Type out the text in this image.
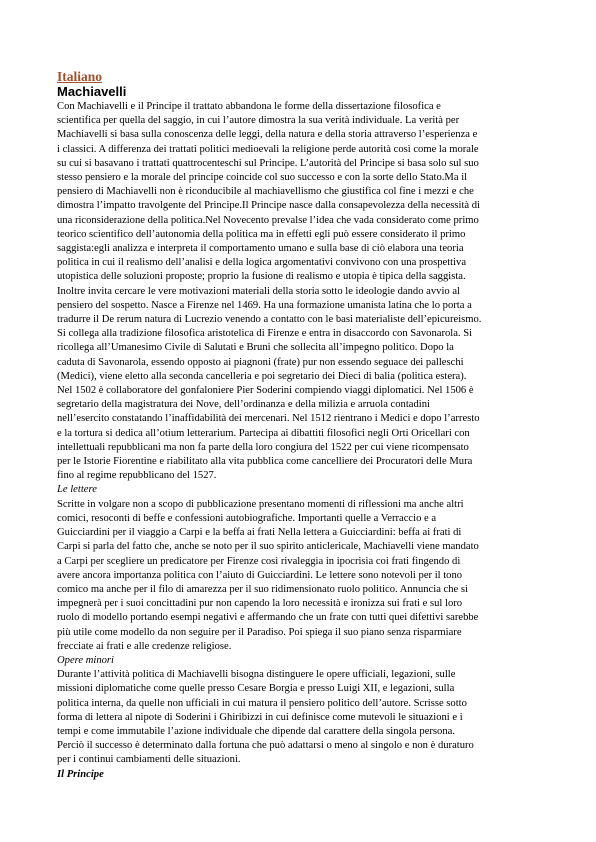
Italiano

Machiavelli

Con Machiavelli e il Principe il trattato abbandona le forme della dissertazione filosofica e
scientifica per quella del saggio, in cui l’autore dimostra la sua verità individuale. La verità per
Machiavelli si basa sulla conoscenza delle leggi, della natura e della storia attraverso l’esperienza e
i classici. A differenza dei trattati politici medioevali la religione perde autorità così come la morale
su cui si basavano i trattati quattrocenteschi sul Principe. L’autorità del Principe si basa solo sul suo
stesso pensiero e la morale del principe coincide col suo successo e con la sorte dello Stato.Ma il
pensiero di Machiavelli non è riconducibile al machiavellismo che giustifica col fine i mezzi e che
dimostra l’impatto travolgente del Principe.Il Principe nasce dalla consapevolezza della necessità di
una riconsiderazione della politica.Nel Novecento prevalse l’idea che vada considerato come primo
teorico scientifico dell’autonomia della politica ma in effetti egli può essere considerato il primo
saggista:egli analizza e interpreta il comportamento umano e sulla base di ciò elabora una teoria
politica in cui il realismo dell’analisi e della logica argomentativi convivono con una prospettiva
utopistica delle soluzioni proposte; proprio la fusione di realismo e utopia è tipica della saggista.
Inoltre invita cercare le vere motivazioni materiali della storia sotto le ideologie dando avvio al
pensiero del sospetto. Nasce a Firenze nel 1469. Ha una formazione umanista latina che lo porta a
tradurre il De rerum natura di Lucrezio venendo a contatto con le basi materialiste dell’epicureismo.
Si collega alla tradizione filosofica aristotelica di Firenze e entra in disaccordo con Savonarola. Si
ricollega all’Umanesimo Civile di Salutati e Bruni che sollecita all’impegno politico. Dopo la
caduta di Savonarola, essendo opposto ai piagnoni (frate) pur non essendo seguace dei palleschi
(Medici), viene eletto alla seconda cancelleria e poi segretario dei Dieci di balia (politica estera).
Nel 1502 è collaboratore del gonfaloniere Pier Soderini compiendo viaggi diplomatici. Nel 1506 è
segretario della magistratura dei Nove, dell’ordinanza e della milizia e arruola contadini
nell’esercito constatando l’inaffidabilità dei mercenari. Nel 1512 rientrano i Medici e dopo l’arresto
e la tortura si dedica all’otium letterarium. Partecipa ai dibattiti filosofici negli Orti Oricellari con
intellettuali repubblicani ma non fa parte della loro congiura del 1522 per cui viene ricompensato
per le Istorie Fiorentine e riabilitato alla vita pubblica come cancelliere dei Procuratori delle Mura
fino al regime repubblicano del 1527.

Le lettere

Scritte in volgare non a scopo di pubblicazione presentano momenti di riflessioni ma anche altri
comici, resoconti di beffe e confessioni autobiografiche. Importanti quelle a Verraccio e a
Guicciardini per il viaggio a Carpi e la beffa ai frati Nella lettera a Guicciardini: beffa ai frati di
Carpi si parla del fatto che, anche se noto per il suo spirito anticlericale, Machiavelli viene mandato
a Carpi per scegliere un predicatore per Firenze così rivaleggia in ipocrisia coi frati fingendo di
avere ancora importanza politica con l’aiuto di Guicciardini. Le lettere sono notevoli per il tono
comico ma anche per il filo di amarezza per il suo ridimensionato ruolo politico. Annuncia che si
impegnerà per i suoi concittadini pur non capendo la loro necessità e ironizza sui frati e sul loro
ruolo di modello portando esempi negativi e affermando che un frate con tutti quei difettivi sarebbe
più utile come modello da non seguire per il Paradiso. Poi spiega il suo piano senza risparmiare
frecciate ai frati e alle credenze religiose.

Opere minori

Durante l’attività politica di Machiavelli bisogna distinguere le opere ufficiali, legazioni, sulle
missioni diplomatiche come quelle presso Cesare Borgia e presso Luigi XII, e legazioni, sulla
politica interna, da quelle non ufficiali in cui matura il pensiero politico dell’autore. Scrisse sotto
forma di lettera al nipote di Soderini i Ghiribizzi in cui definisce come mutevoli le situazioni e i
tempi e come immutabile l’azione individuale che dipende dal carattere della singola persona.
Perciò il successo è determinato dalla fortuna che può adattarsi o meno al singolo e non è duraturo
per i continui cambiamenti delle situazioni.

Il Principe
